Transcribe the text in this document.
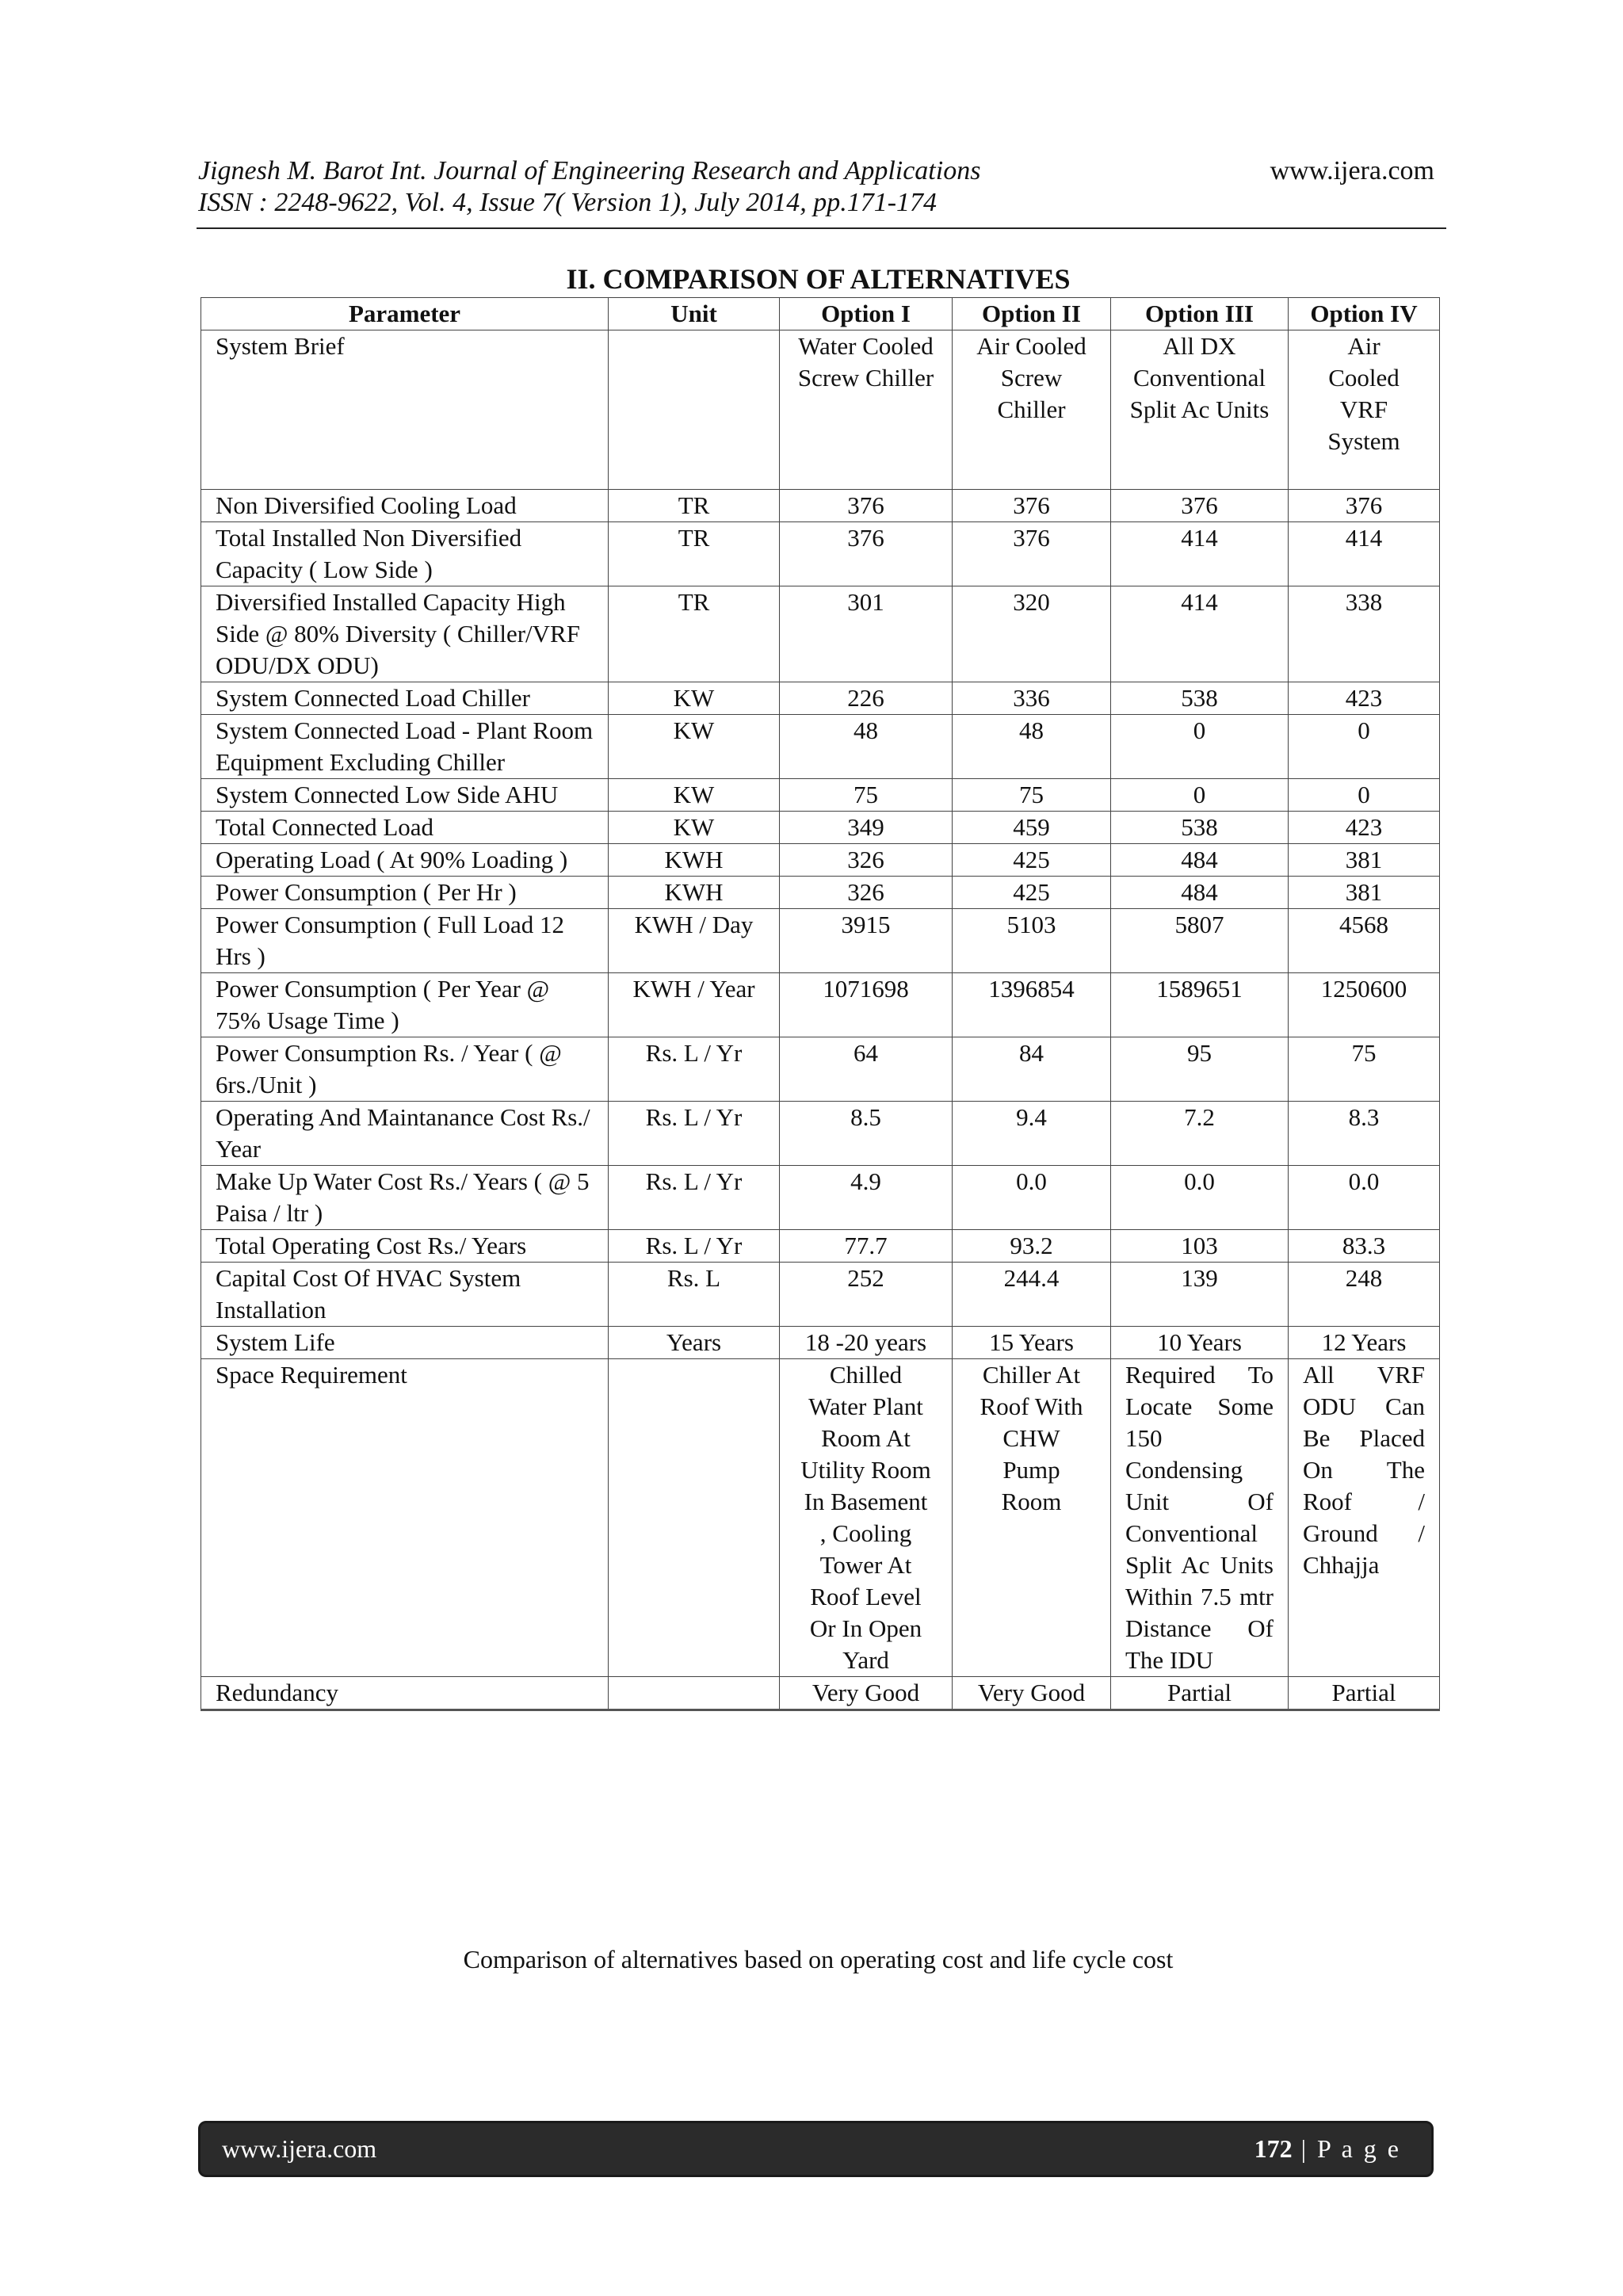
Jignesh M. Barot Int. Journal of Engineering Research and Applications
ISSN : 2248-9622, Vol. 4, Issue 7( Version 1), July 2014, pp.171-174
www.ijera.com
II. COMPARISON OF ALTERNATIVES
Parameter	Unit	Option I	Option II	Option III	Option IV
System Brief		Water Cooled Screw Chiller	Air Cooled Screw Chiller	All DX Conventional Split Ac Units	Air Cooled VRF System
Non Diversified Cooling Load	TR	376	376	376	376
Total Installed Non Diversified Capacity ( Low Side )	TR	376	376	414	414
Diversified Installed Capacity High Side @ 80% Diversity ( Chiller/VRF ODU/DX ODU)	TR	301	320	414	338
System Connected Load Chiller	KW	226	336	538	423
System Connected Load - Plant Room Equipment Excluding Chiller	KW	48	48	0	0
System Connected Low Side AHU	KW	75	75	0	0
Total Connected Load	KW	349	459	538	423
Operating Load ( At 90% Loading )	KWH	326	425	484	381
Power Consumption ( Per Hr )	KWH	326	425	484	381
Power Consumption ( Full Load 12 Hrs )	KWH / Day	3915	5103	5807	4568
Power Consumption ( Per Year @ 75% Usage Time )	KWH / Year	1071698	1396854	1589651	1250600
Power Consumption Rs. / Year ( @ 6rs./Unit )	Rs. L / Yr	64	84	95	75
Operating And Maintanance Cost Rs./ Year	Rs. L / Yr	8.5	9.4	7.2	8.3
Make Up Water Cost Rs./ Years ( @ 5 Paisa / ltr )	Rs. L / Yr	4.9	0.0	0.0	0.0
Total Operating Cost Rs./ Years	Rs. L / Yr	77.7	93.2	103	83.3
Capital Cost Of HVAC System Installation	Rs. L	252	244.4	139	248
System Life	Years	18 -20 years	15 Years	10 Years	12 Years
Space Requirement		Chilled Water Plant Room At Utility Room In Basement , Cooling Tower At Roof Level Or In Open Yard	Chiller At Roof With CHW Pump Room	Required To Locate Some 150 Condensing Unit Of Conventional Split Ac Units Within 7.5 mtr Distance Of The IDU	All VRF ODU Can Be Placed On The Roof / Ground / Chhajja
Redundancy		Very Good	Very Good	Partial	Partial
Comparison of alternatives based on operating cost and life cycle cost
www.ijera.com	172 | P a g e
